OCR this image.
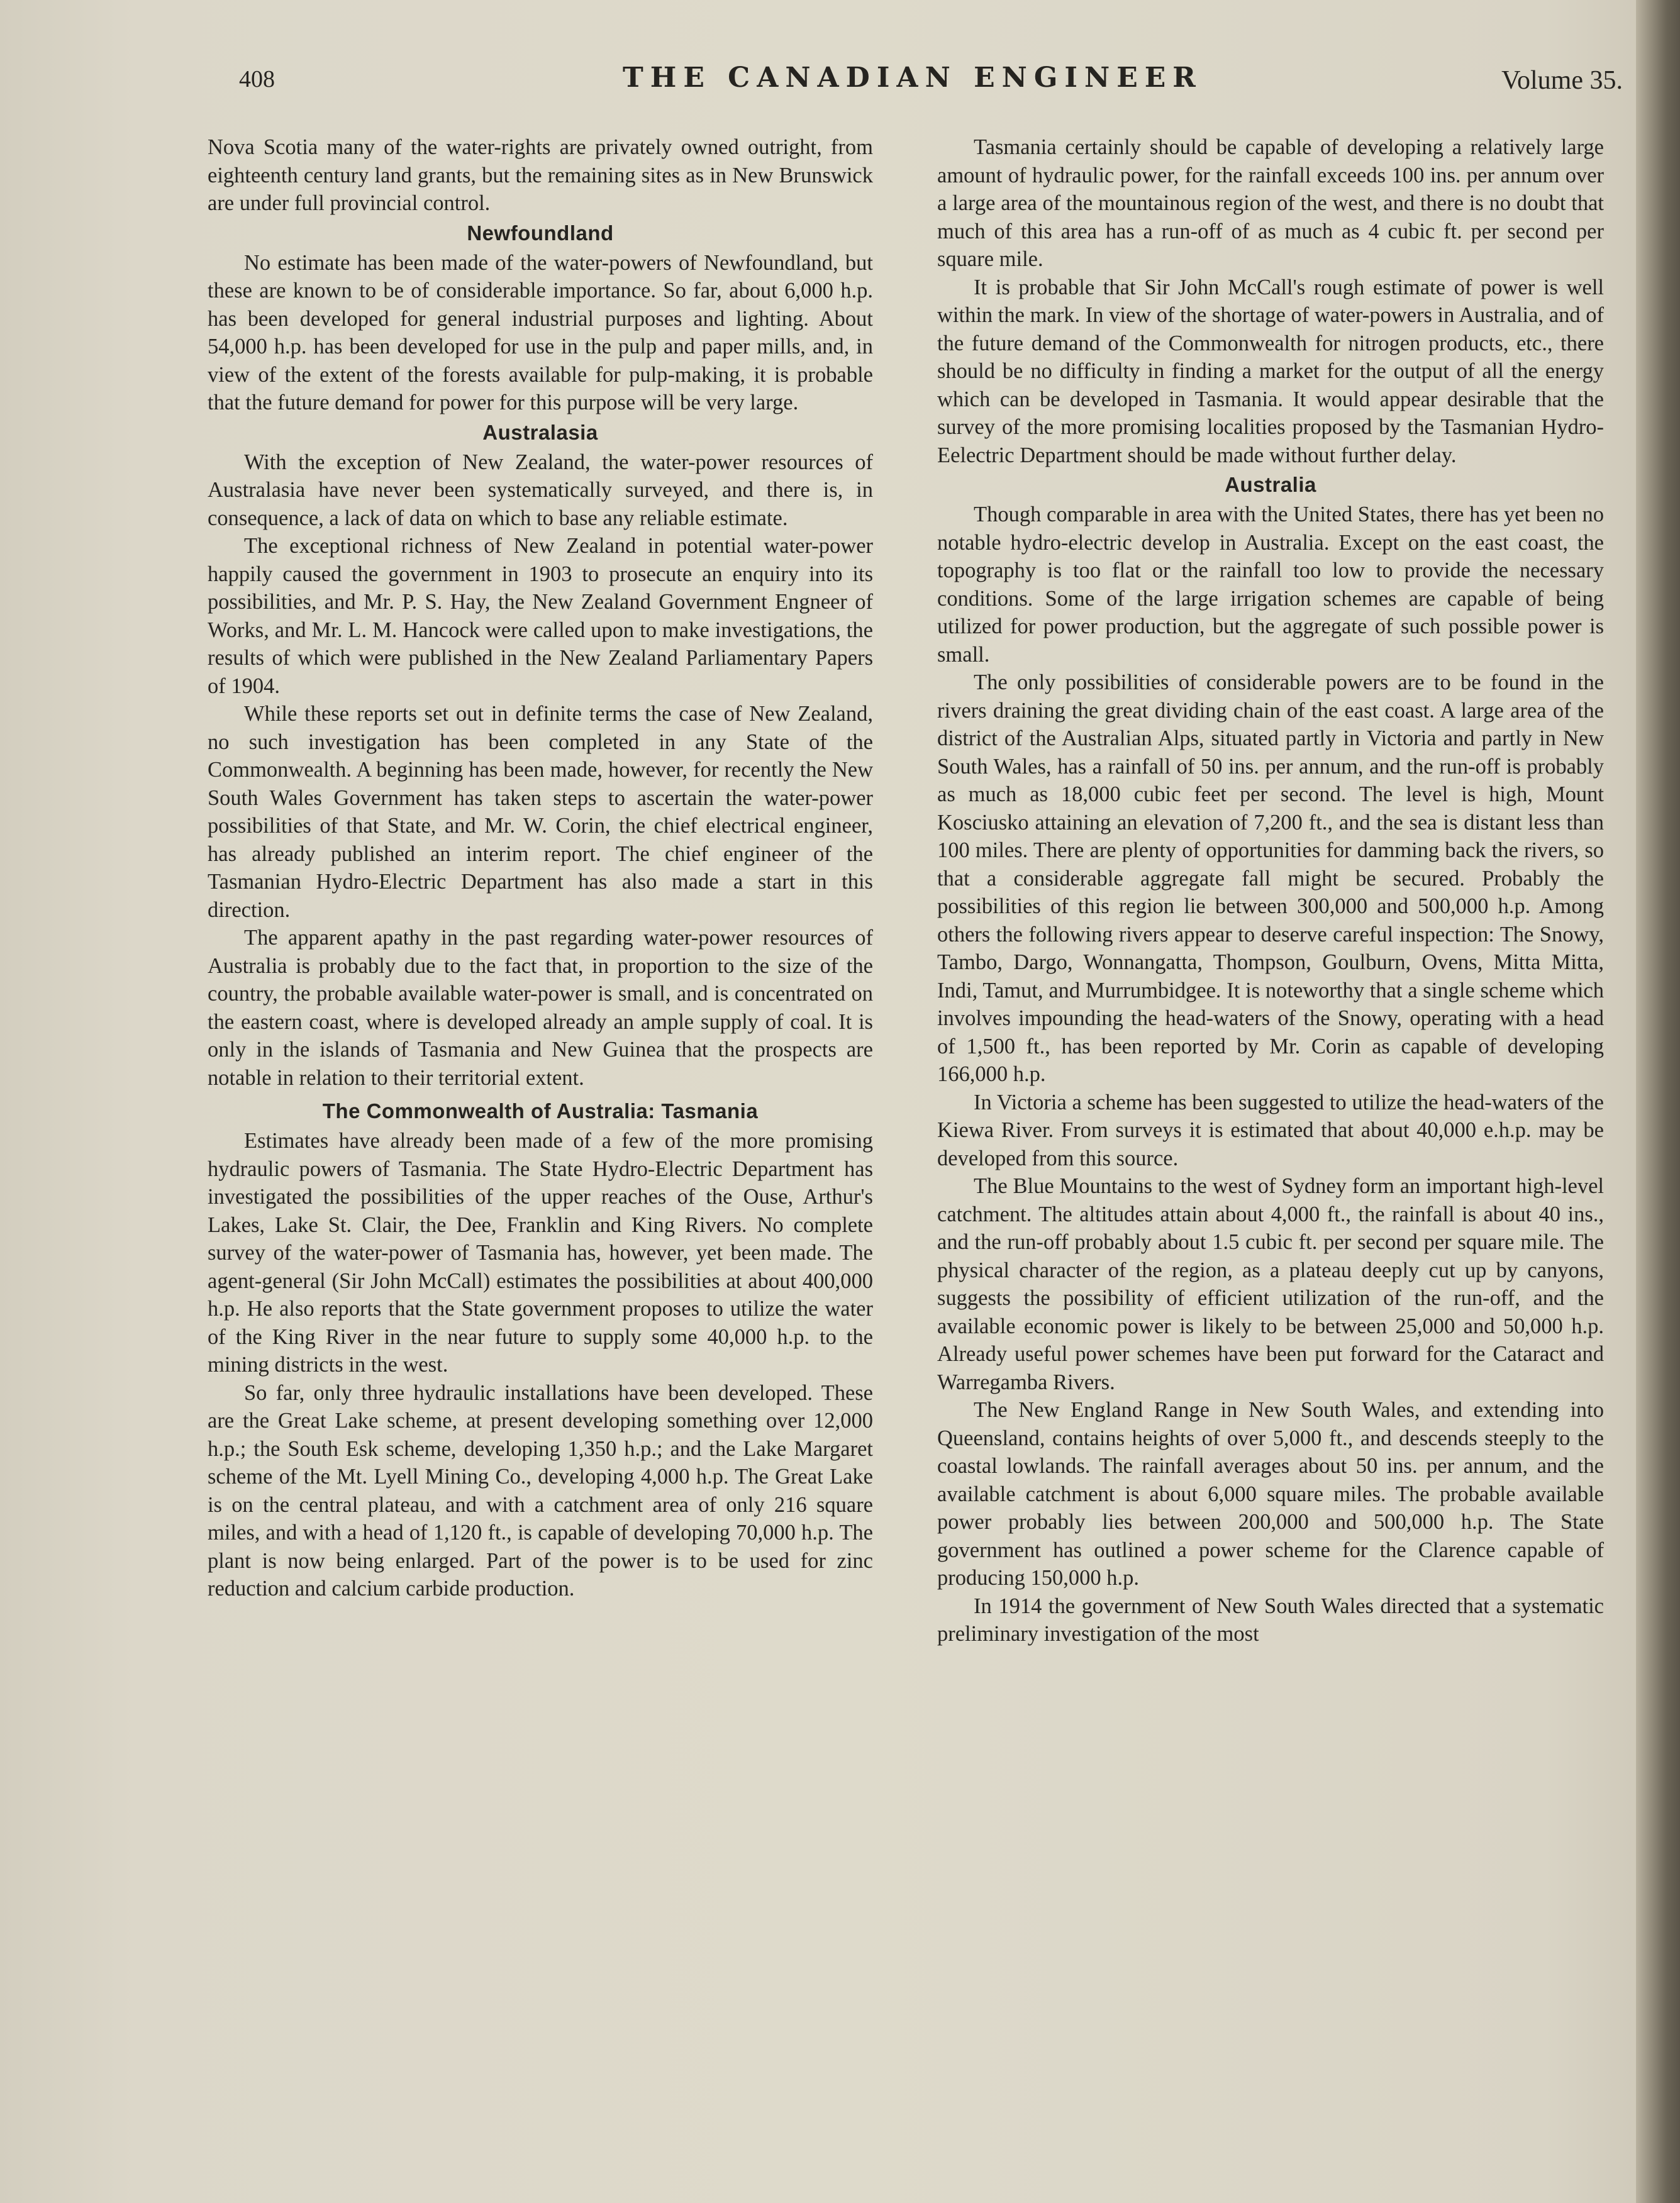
408	THE CANADIAN ENGINEER	Volume 35.

Nova Scotia many of the water-rights are privately owned outright, from eighteenth century land grants, but the remaining sites as in New Brunswick are under full provincial control.

Newfoundland

No estimate has been made of the water-powers of Newfoundland, but these are known to be of considerable importance. So far, about 6,000 h.p. has been developed for general industrial purposes and lighting. About 54,000 h.p. has been developed for use in the pulp and paper mills, and, in view of the extent of the forests available for pulp-making, it is probable that the future demand for power for this purpose will be very large.

Australasia

With the exception of New Zealand, the water-power resources of Australasia have never been systematically surveyed, and there is, in consequence, a lack of data on which to base any reliable estimate.

The exceptional richness of New Zealand in potential water-power happily caused the government in 1903 to prosecute an enquiry into its possibilities, and Mr. P. S. Hay, the New Zealand Government Engneer of Works, and Mr. L. M. Hancock were called upon to make investigations, the results of which were published in the New Zealand Parliamentary Papers of 1904.

While these reports set out in definite terms the case of New Zealand, no such investigation has been completed in any State of the Commonwealth. A beginning has been made, however, for recently the New South Wales Government has taken steps to ascertain the water-power possibilities of that State, and Mr. W. Corin, the chief electrical engineer, has already published an interim report. The chief engineer of the Tasmanian Hydro-Electric Department has also made a start in this direction.

The apparent apathy in the past regarding water-power resources of Australia is probably due to the fact that, in proportion to the size of the country, the probable available water-power is small, and is concentrated on the eastern coast, where is developed already an ample supply of coal. It is only in the islands of Tasmania and New Guinea that the prospects are notable in relation to their territorial extent.

The Commonwealth of Australia: Tasmania

Estimates have already been made of a few of the more promising hydraulic powers of Tasmania. The State Hydro-Electric Department has investigated the possibilities of the upper reaches of the Ouse, Arthur's Lakes, Lake St. Clair, the Dee, Franklin and King Rivers. No complete survey of the water-power of Tasmania has, however, yet been made. The agent-general (Sir John McCall) estimates the possibilities at about 400,000 h.p. He also reports that the State government proposes to utilize the water of the King River in the near future to supply some 40,000 h.p. to the mining districts in the west.

So far, only three hydraulic installations have been developed. These are the Great Lake scheme, at present developing something over 12,000 h.p.; the South Esk scheme, developing 1,350 h.p.; and the Lake Margaret scheme of the Mt. Lyell Mining Co., developing 4,000 h.p. The Great Lake is on the central plateau, and with a catchment area of only 216 square miles, and with a head of 1,120 ft., is capable of developing 70,000 h.p. The plant is now being enlarged. Part of the power is to be used for zinc reduction and calcium carbide production.

Tasmania certainly should be capable of developing a relatively large amount of hydraulic power, for the rainfall exceeds 100 ins. per annum over a large area of the mountainous region of the west, and there is no doubt that much of this area has a run-off of as much as 4 cubic ft. per second per square mile.

It is probable that Sir John McCall's rough estimate of power is well within the mark. In view of the shortage of water-powers in Australia, and of the future demand of the Commonwealth for nitrogen products, etc., there should be no difficulty in finding a market for the output of all the energy which can be developed in Tasmania. It would appear desirable that the survey of the more promising localities proposed by the Tasmanian Hydro-Eelectric Department should be made without further delay.

Australia

Though comparable in area with the United States, there has yet been no notable hydro-electric develop in Australia. Except on the east coast, the topography is too flat or the rainfall too low to provide the necessary conditions. Some of the large irrigation schemes are capable of being utilized for power production, but the aggregate of such possible power is small.

The only possibilities of considerable powers are to be found in the rivers draining the great dividing chain of the east coast. A large area of the district of the Australian Alps, situated partly in Victoria and partly in New South Wales, has a rainfall of 50 ins. per annum, and the run-off is probably as much as 18,000 cubic feet per second. The level is high, Mount Kosciusko attaining an elevation of 7,200 ft., and the sea is distant less than 100 miles. There are plenty of opportunities for damming back the rivers, so that a considerable aggregate fall might be secured. Probably the possibilities of this region lie between 300,000 and 500,000 h.p. Among others the following rivers appear to deserve careful inspection: The Snowy, Tambo, Dargo, Wonnangatta, Thompson, Goulburn, Ovens, Mitta Mitta, Indi, Tamut, and Murrumbidgee. It is noteworthy that a single scheme which involves impounding the head-waters of the Snowy, operating with a head of 1,500 ft., has been reported by Mr. Corin as capable of developing 166,000 h.p.

In Victoria a scheme has been suggested to utilize the head-waters of the Kiewa River. From surveys it is estimated that about 40,000 e.h.p. may be developed from this source.

The Blue Mountains to the west of Sydney form an important high-level catchment. The altitudes attain about 4,000 ft., the rainfall is about 40 ins., and the run-off probably about 1.5 cubic ft. per second per square mile. The physical character of the region, as a plateau deeply cut up by canyons, suggests the possibility of efficient utilization of the run-off, and the available economic power is likely to be between 25,000 and 50,000 h.p. Already useful power schemes have been put forward for the Cataract and Warregamba Rivers.

The New England Range in New South Wales, and extending into Queensland, contains heights of over 5,000 ft., and descends steeply to the coastal lowlands. The rainfall averages about 50 ins. per annum, and the available catchment is about 6,000 square miles. The probable available power probably lies between 200,000 and 500,000 h.p. The State government has outlined a power scheme for the Clarence capable of producing 150,000 h.p.

In 1914 the government of New South Wales directed that a systematic preliminary investigation of the most
